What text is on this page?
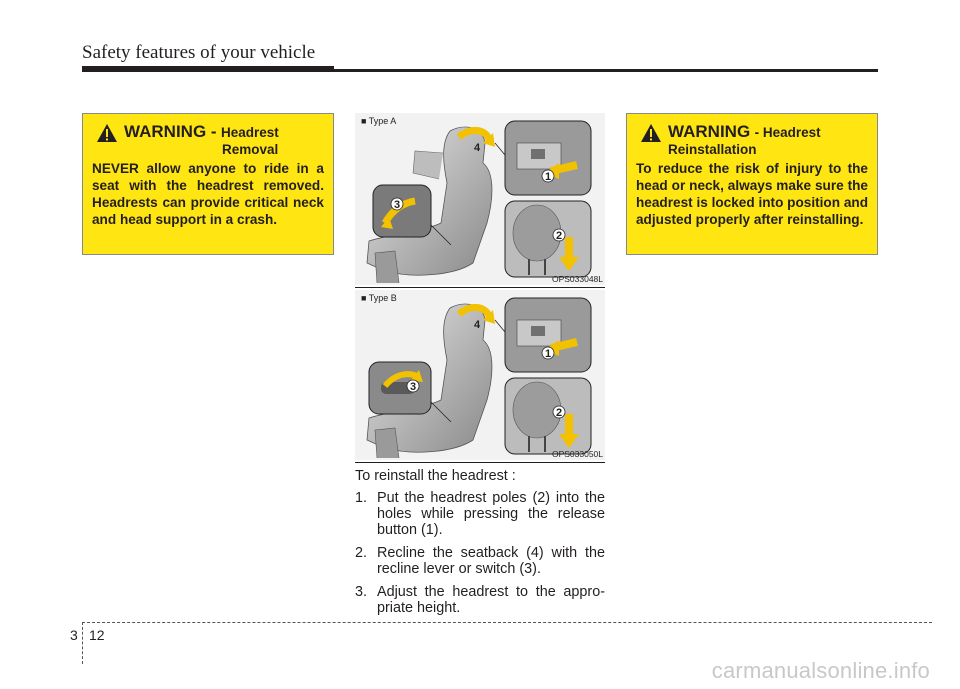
Safety features of your vehicle
WARNING - Headrest
Removal
NEVER allow anyone to ride in a seat with the headrest removed. Headrests can provide critical neck and head support in a crash.
WARNING - Headrest
Reinstallation
To reduce the risk of injury to the head or neck, always make sure the headrest is locked into position and adjusted properly after reinstalling.
■ Type A
3
4
1
2
OPS033048L
■ Type B
3
4
1
2
OPS033050L

To reinstall the headrest :

1. Put the headrest poles (2) into the holes while pressing the release button (1).
2. Recline the seatback (4) with the recline lever or switch (3).
3. Adjust the headrest to the appro-priate height.
3 12
carmanualsonline.info
